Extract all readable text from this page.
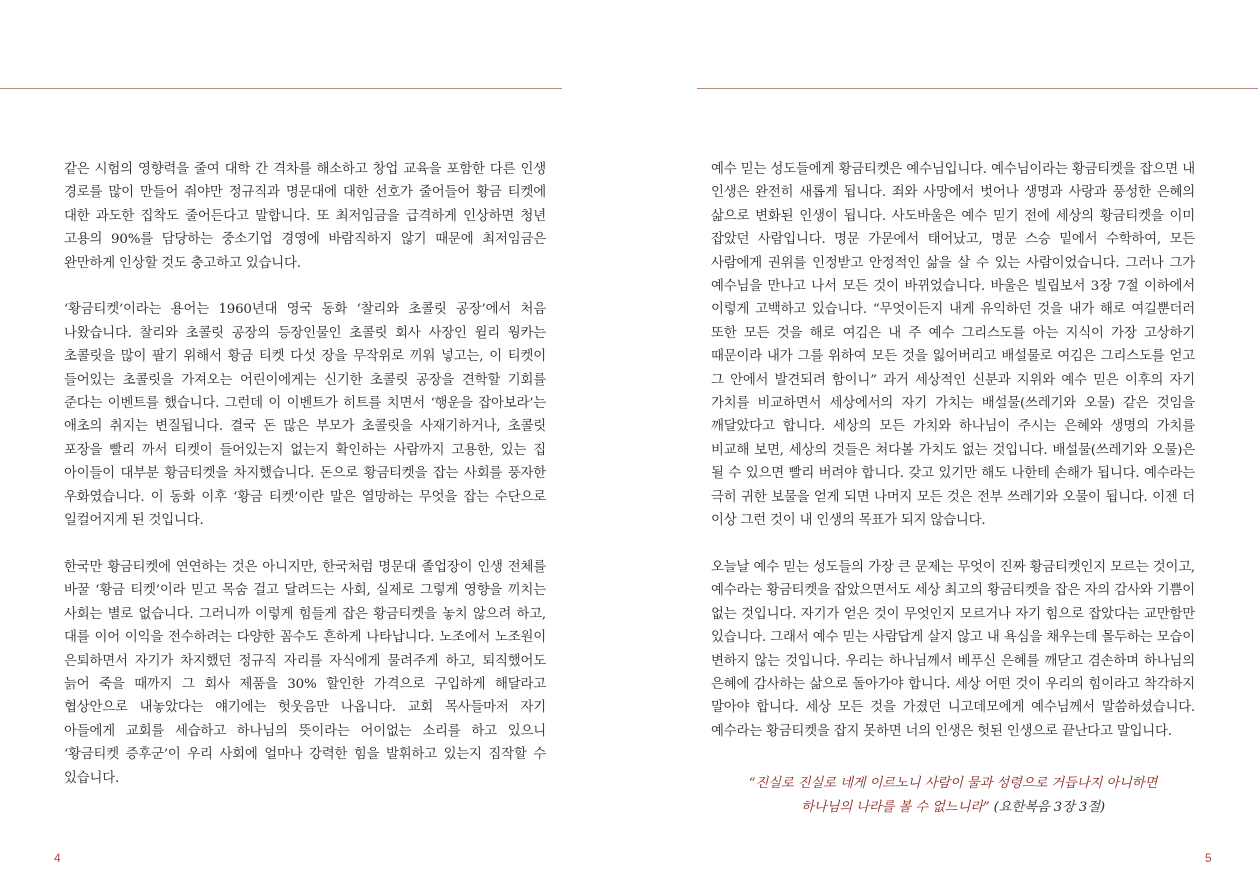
같은 시험의 영향력을 줄여 대학 간 격차를 해소하고 창업 교육을 포함한 다른 인생 경로를 많이 만들어 줘야만 정규직과 명문대에 대한 선호가 줄어들어 황금 티켓에 대한 과도한 집착도 줄어든다고 말합니다. 또 최저임금을 급격하게 인상하면 청년 고용의 90%를 담당하는 중소기업 경영에 바람직하지 않기 때문에 최저임금은 완만하게 인상할 것도 충고하고 있습니다.

‘황금티켓’이라는 용어는 1960년대 영국 동화 ‘찰리와 초콜릿 공장’에서 처음 나왔습니다. 찰리와 초콜릿 공장의 등장인물인 초콜릿 회사 사장인 윌리 웡카는 초콜릿을 많이 팔기 위해서 황금 티켓 다섯 장을 무작위로 끼워 넣고는, 이 티켓이 들어있는 초콜릿을 가져오는 어린이에게는 신기한 초콜릿 공장을 견학할 기회를 준다는 이벤트를 했습니다. 그런데 이 이벤트가 히트를 치면서 ‘행운을 잡아보라’는 애초의 취지는 변질됩니다. 결국 돈 많은 부모가 초콜릿을 사재기하거나, 초콜릿 포장을 빨리 까서 티켓이 들어있는지 없는지 확인하는 사람까지 고용한, 있는 집 아이들이 대부분 황금티켓을 차지했습니다. 돈으로 황금티켓을 잡는 사회를 풍자한 우화였습니다. 이 동화 이후 ‘황금 티켓’이란 말은 열망하는 무엇을 잡는 수단으로 일컬어지게 된 것입니다.

한국만 황금티켓에 연연하는 것은 아니지만, 한국처럼 명문대 졸업장이 인생 전체를 바꿀 ‘황금 티켓’이라 믿고 목숨 걸고 달려드는 사회, 실제로 그렇게 영향을 끼치는 사회는 별로 없습니다. 그러니까 이렇게 힘들게 잡은 황금티켓을 놓치 않으려 하고, 대를 이어 이익을 전수하려는 다양한 꼼수도 흔하게 나타납니다. 노조에서 노조원이 은퇴하면서 자기가 차지했던 정규직 자리를 자식에게 물려주게 하고, 퇴직했어도 늙어 죽을 때까지 그 회사 제품을 30% 할인한 가격으로 구입하게 해달라고 협상안으로 내놓았다는 얘기에는 헛웃음만 나옵니다. 교회 목사들마저 자기 아들에게 교회를 세습하고 하나님의 뜻이라는 어이없는 소리를 하고 있으니 ‘황금티켓 증후군’이 우리 사회에 얼마나 강력한 힘을 발휘하고 있는지 짐작할 수 있습니다.

예수 믿는 성도들에게 황금티켓은 예수님입니다. 예수님이라는 황금티켓을 잡으면 내 인생은 완전히 새롭게 됩니다. 죄와 사망에서 벗어나 생명과 사랑과 풍성한 은혜의 삶으로 변화된 인생이 됩니다. 사도바울은 예수 믿기 전에 세상의 황금티켓을 이미 잡았던 사람입니다. 명문 가문에서 태어났고, 명문 스승 밑에서 수학하여, 모든 사람에게 권위를 인정받고 안정적인 삶을 살 수 있는 사람이었습니다. 그러나 그가 예수님을 만나고 나서 모든 것이 바뀌었습니다. 바울은 빌립보서 3장 7절 이하에서 이렇게 고백하고 있습니다. “무엇이든지 내게 유익하던 것을 내가 해로 여길뿐더러 또한 모든 것을 해로 여김은 내 주 예수 그리스도를 아는 지식이 가장 고상하기 때문이라 내가 그를 위하여 모든 것을 잃어버리고 배설물로 여김은 그리스도를 얻고 그 안에서 발견되려 함이니” 과거 세상적인 신분과 지위와 예수 믿은 이후의 자기 가치를 비교하면서 세상에서의 자기 가치는 배설물(쓰레기와 오물) 같은 것임을 깨달았다고 합니다. 세상의 모든 가치와 하나님이 주시는 은혜와 생명의 가치를 비교해 보면, 세상의 것들은 쳐다볼 가치도 없는 것입니다. 배설물(쓰레기와 오물)은 될 수 있으면 빨리 버려야 합니다. 갖고 있기만 해도 나한테 손해가 됩니다. 예수라는 극히 귀한 보물을 얻게 되면 나머지 모든 것은 전부 쓰레기와 오물이 됩니다. 이젠 더 이상 그런 것이 내 인생의 목표가 되지 않습니다.

오늘날 예수 믿는 성도들의 가장 큰 문제는 무엇이 진짜 황금티켓인지 모르는 것이고, 예수라는 황금티켓을 잡았으면서도 세상 최고의 황금티켓을 잡은 자의 감사와 기쁨이 없는 것입니다. 자기가 얻은 것이 무엇인지 모르거나 자기 힘으로 잡았다는 교만함만 있습니다. 그래서 예수 믿는 사람답게 살지 않고 내 욕심을 채우는데 몰두하는 모습이 변하지 않는 것입니다. 우리는 하나님께서 베푸신 은혜를 깨닫고 겸손하며 하나님의 은혜에 감사하는 삶으로 돌아가야 합니다. 세상 어떤 것이 우리의 힘이라고 착각하지 말아야 합니다. 세상 모든 것을 가졌던 니고데모에게 예수님께서 말씀하셨습니다. 예수라는 황금티켓을 잡지 못하면 너의 인생은 헛된 인생으로 끝난다고 말입니다.

“진실로 진실로 네게 이르노니 사람이 물과 성령으로 거듭나지 아니하면
하나님의 나라를 볼 수 없느니라” (요한복음 3장 3절)
4	5
